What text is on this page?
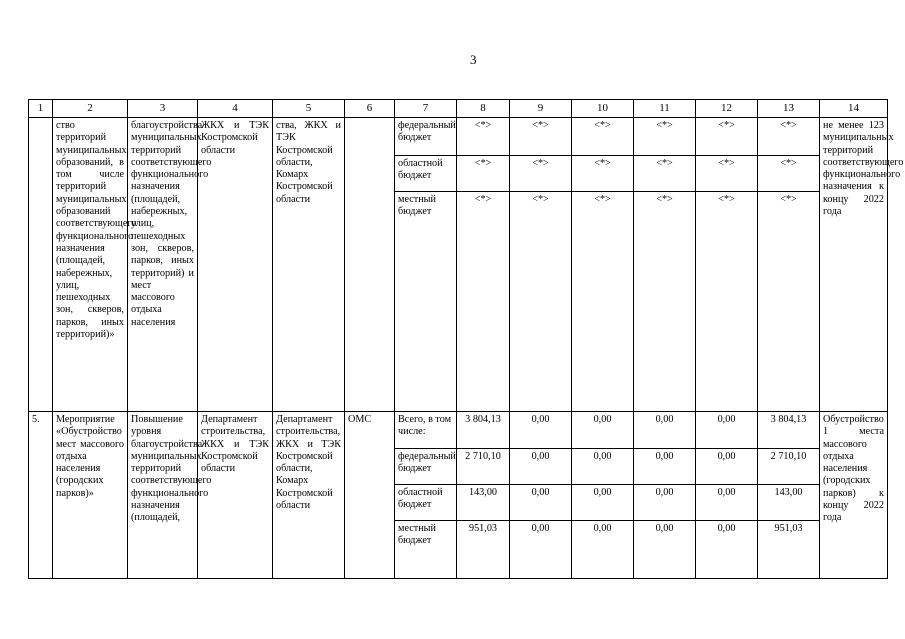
3
1	2	3	4	5	6	7	8	9	10	11	12	13	14
	ство территорий муниципальных образований, в том числе территорий муниципальных образований соответствующего функционального назначения (площадей, набережных, улиц, пешеходных зон, скверов, парков, иных территорий)»	благоустройства муниципальных территорий соответствующего функционального назначения (площадей, набережных, улиц, пешеходных зон, скверов, парков, иных территорий) и мест массового отдыха населения	ЖКХ и ТЭК Костромской области	ства, ЖКХ и ТЭК Костромской области, Комарх Костромской области		федеральный бюджет	<*>	<*>	<*>	<*>	<*>	<*>	не менее 123 муниципальных территорий соответствующего функционального назначения к концу 2022 года
						областной бюджет	<*>	<*>	<*>	<*>	<*>	<*>	
						местный бюджет	<*>	<*>	<*>	<*>	<*>	<*>	
5.	Мероприятие «Обустройство мест массового отдыха населения (городских парков)»	Повышение уровня благоустройства муниципальных территорий соответствующего функционального назначения (площадей,	Департамент строительства, ЖКХ и ТЭК Костромской области	Департамент строительства, ЖКХ и ТЭК Костромской области, Комарх Костромской области	ОМС	Всего, в том числе:	3 804,13	0,00	0,00	0,00	0,00	3 804,13	Обустройство 1 места массового отдыха населения (городских парков) к концу 2022 года
						федеральный бюджет	2 710,10	0,00	0,00	0,00	0,00	2 710,10	
						областной бюджет	143,00	0,00	0,00	0,00	0,00	143,00	
						местный бюджет	951,03	0,00	0,00	0,00	0,00	951,03	
